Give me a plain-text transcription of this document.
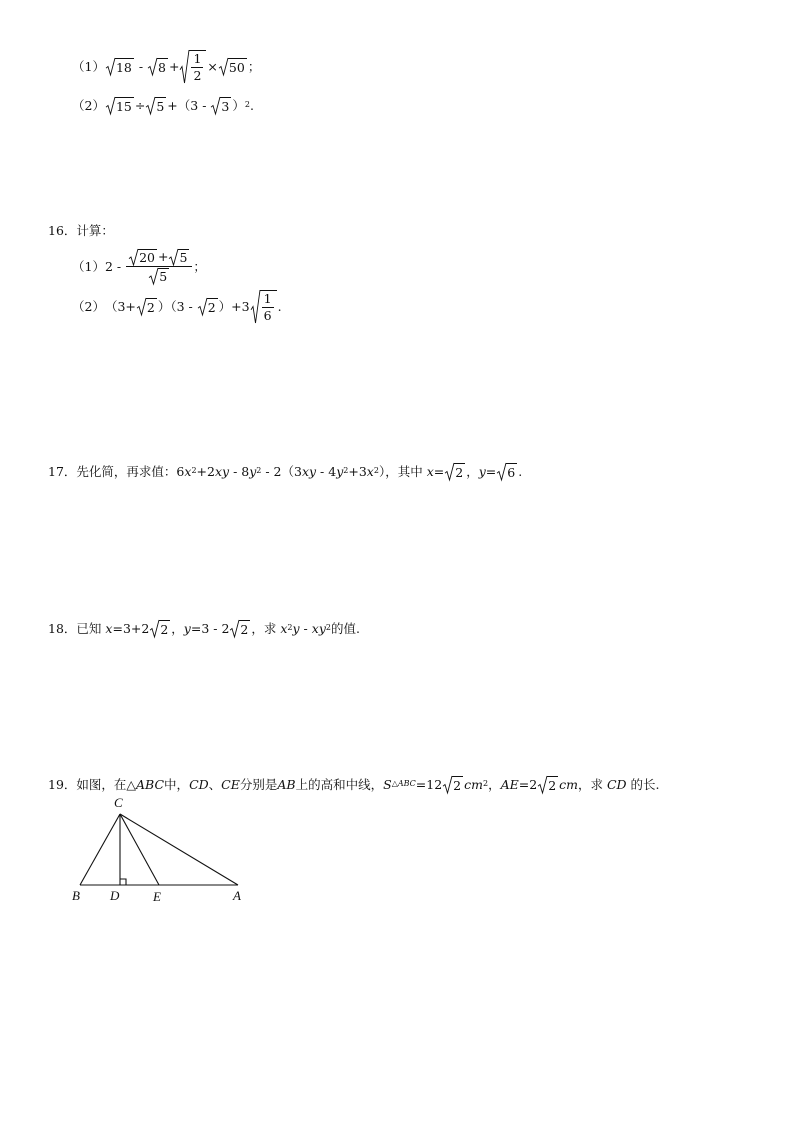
（1） $18 - 8 + \frac{1}{2} \times 50$ ；
（2） 15 ÷ 5 +（3 - 3 ） 2 .
16． 计算：
（1） $2 - \frac{20 + 5}{5}$ ；
（2） （3+ 2 ）（3 - 2 ）$+3 \frac{1}{6}$ .
17． 先化简，再求值： 6 x 2 +2 xy - 8 y 2 - 2（3 xy - 4 y 2 +3 x 2 ），其中 x = 2 ， y = 6 .
18． 已知 x = 3+2 2 ， y = 3 - 2 2 ，求 x 2 y - x y 2 的值.
19． 如图，在△ ABC 中， CD 、 CE 分别是 AB 上的高和中线， S △ABC =12 2 cm 2 ， AE =2 2 cm ，求 CD 的长.
C
B D	E	A
